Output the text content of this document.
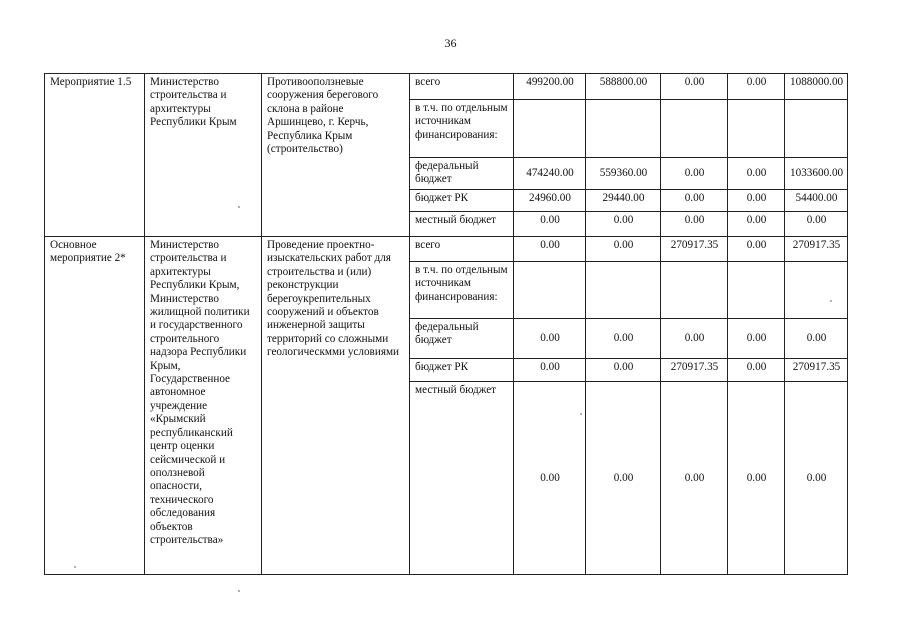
36
Мероприятие 1.5	Министерство строительства и архитектуры Республики Крым	Противооползневые сооружения берегового склона в районе Аршинцево, г. Керчь, Республика Крым (строительство)	всего	499200.00	588800.00	0.00	0.00	1088000.00
			в т.ч. по отдельным источникам финансирования:					
			федеральный бюджет	474240.00	559360.00	0.00	0.00	1033600.00
			бюджет РК	24960.00	29440.00	0.00	0.00	54400.00
			местный бюджет	0.00	0.00	0.00	0.00	0.00
Основное мероприятие 2*	Министерство строительства и архитектуры Республики Крым, Министерство жилищной политики и государственного строительного надзора Республики Крым, Государственное автономное учреждение «Крымский республиканский центр оценки сейсмической и оползневой опасности, технического обследования объектов строительства»	Проведение проектно-изыскательских работ для строительства и (или) реконструкции берегоукрепительных сооружений и объектов инженерной защиты территорий со сложными геологическмми условиями	всего	0.00	0.00	270917.35	0.00	270917.35
			в т.ч. по отдельным источникам финансирования:					
			федеральный бюджет	0.00	0.00	0.00	0.00	0.00
			бюджет РК	0.00	0.00	270917.35	0.00	270917.35
			местный бюджет	0.00	0.00	0.00	0.00	0.00
